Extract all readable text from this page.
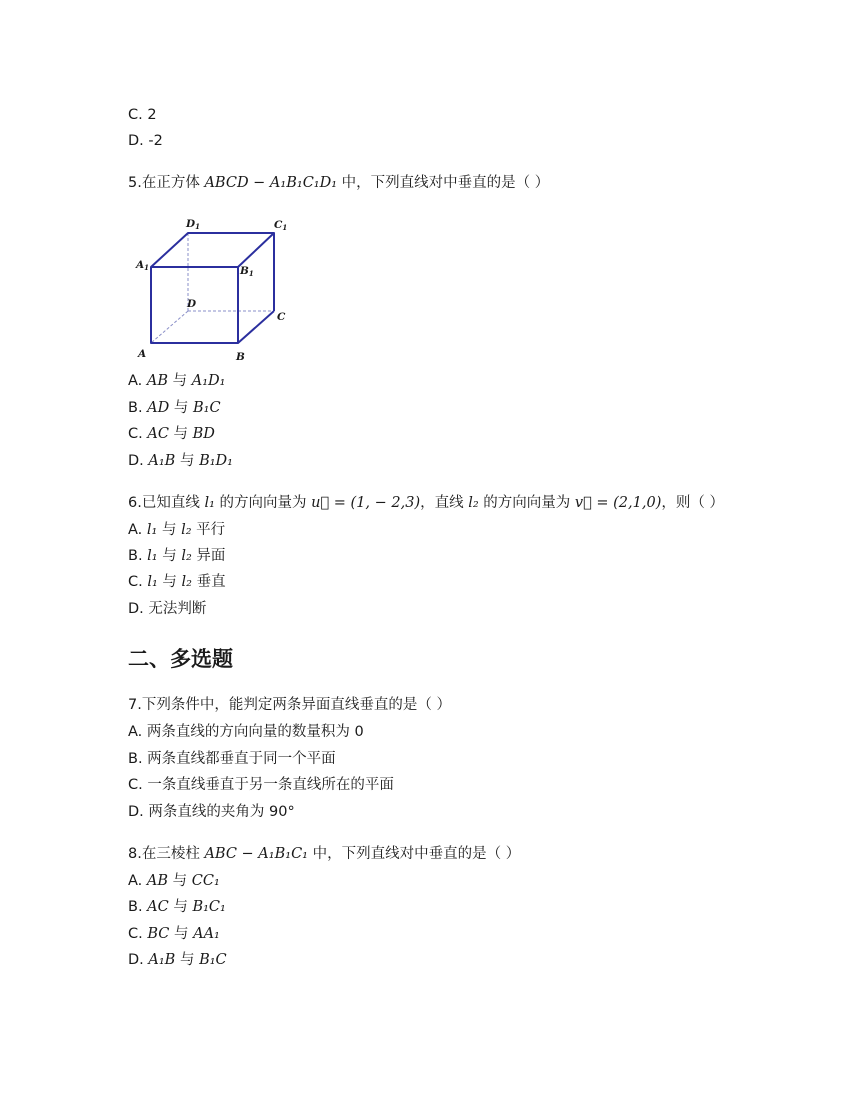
C. 2
D. -2
5.在正方体 ABCD − A₁B₁C₁D₁ 中，下列直线对中垂直的是（ ）
D1	C1
A1	B1
D
C
A	B
A. AB 与 A₁D₁
B. AD 与 B₁C
C. AC 与 BD
D. A₁B 与 B₁D₁
6.已知直线 l₁ 的方向向量为 u⃗ = (1, − 2,3)，直线 l₂ 的方向向量为 v⃗ = (2,1,0)，则（ ）
A. l₁ 与 l₂ 平行
B. l₁ 与 l₂ 异面
C. l₁ 与 l₂ 垂直
D. 无法判断
二、多选题
7.下列条件中，能判定两条异面直线垂直的是（ ）
A. 两条直线的方向向量的数量积为 0
B. 两条直线都垂直于同一个平面
C. 一条直线垂直于另一条直线所在的平面
D. 两条直线的夹角为 90°
8.在三棱柱 ABC − A₁B₁C₁ 中，下列直线对中垂直的是（ ）
A. AB 与 CC₁
B. AC 与 B₁C₁
C. BC 与 AA₁
D. A₁B 与 B₁C
